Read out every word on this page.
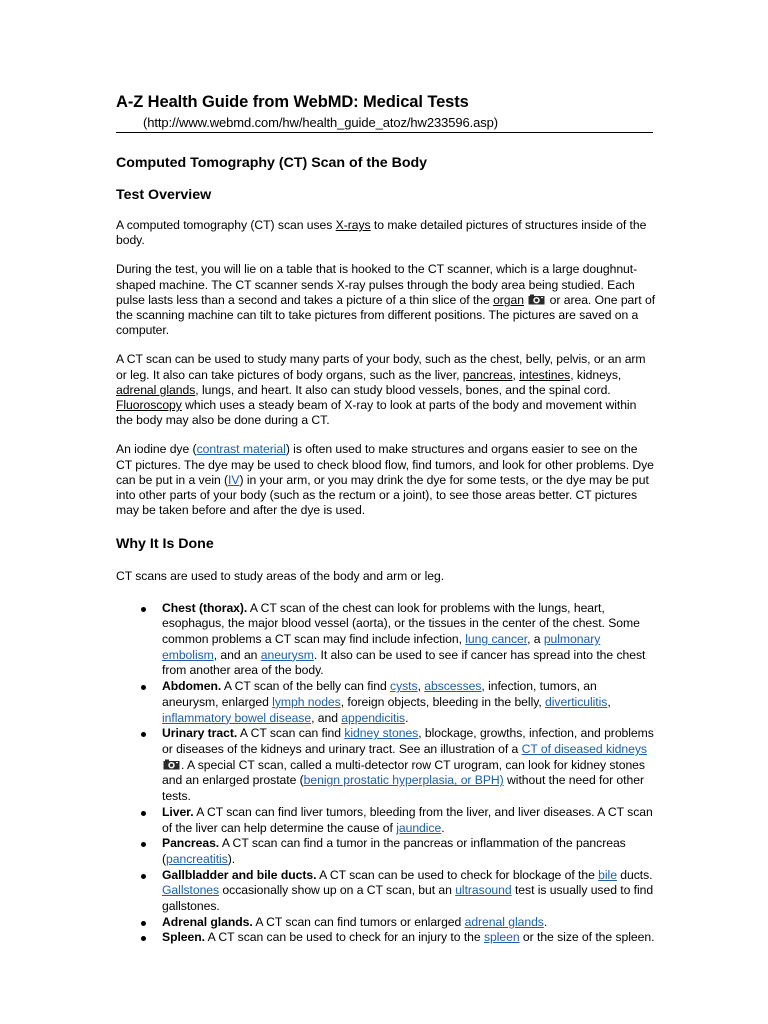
A-Z Health Guide from WebMD: Medical Tests
(http://www.webmd.com/hw/health_guide_atoz/hw233596.asp)
Computed Tomography (CT) Scan of the Body
Test Overview

A computed tomography (CT) scan uses X-rays to make detailed pictures of structures inside of the body.

During the test, you will lie on a table that is hooked to the CT scanner, which is a large doughnut-shaped machine. The CT scanner sends X-ray pulses through the body area being studied. Each pulse lasts less than a second and takes a picture of a thin slice of the organ  or area. One part of the scanning machine can tilt to take pictures from different positions. The pictures are saved on a computer.

A CT scan can be used to study many parts of your body, such as the chest, belly, pelvis, or an arm or leg. It also can take pictures of body organs, such as the liver, pancreas, intestines, kidneys, adrenal glands, lungs, and heart. It also can study blood vessels, bones, and the spinal cord. Fluoroscopy which uses a steady beam of X-ray to look at parts of the body and movement within the body may also be done during a CT.

An iodine dye (contrast material) is often used to make structures and organs easier to see on the CT pictures. The dye may be used to check blood flow, find tumors, and look for other problems. Dye can be put in a vein (IV) in your arm, or you may drink the dye for some tests, or the dye may be put into other parts of your body (such as the rectum or a joint), to see those areas better. CT pictures may be taken before and after the dye is used.

Why It Is Done

CT scans are used to study areas of the body and arm or leg.

Chest (thorax). A CT scan of the chest can look for problems with the lungs, heart, esophagus, the major blood vessel (aorta), or the tissues in the center of the chest. Some common problems a CT scan may find include infection, lung cancer, a pulmonary embolism, and an aneurysm. It also can be used to see if cancer has spread into the chest from another area of the body.
Abdomen. A CT scan of the belly can find cysts, abscesses, infection, tumors, an aneurysm, enlarged lymph nodes, foreign objects, bleeding in the belly, diverticulitis, inflammatory bowel disease, and appendicitis.
Urinary tract. A CT scan can find kidney stones, blockage, growths, infection, and problems or diseases of the kidneys and urinary tract. See an illustration of a CT of diseased kidneys. A special CT scan, called a multi-detector row CT urogram, can look for kidney stones and an enlarged prostate (benign prostatic hyperplasia, or BPH) without the need for other tests.
Liver. A CT scan can find liver tumors, bleeding from the liver, and liver diseases. A CT scan of the liver can help determine the cause of jaundice.
Pancreas. A CT scan can find a tumor in the pancreas or inflammation of the pancreas (pancreatitis).
Gallbladder and bile ducts. A CT scan can be used to check for blockage of the bile ducts. Gallstones occasionally show up on a CT scan, but an ultrasound test is usually used to find gallstones.
Adrenal glands. A CT scan can find tumors or enlarged adrenal glands.
Spleen. A CT scan can be used to check for an injury to the spleen or the size of the spleen.
